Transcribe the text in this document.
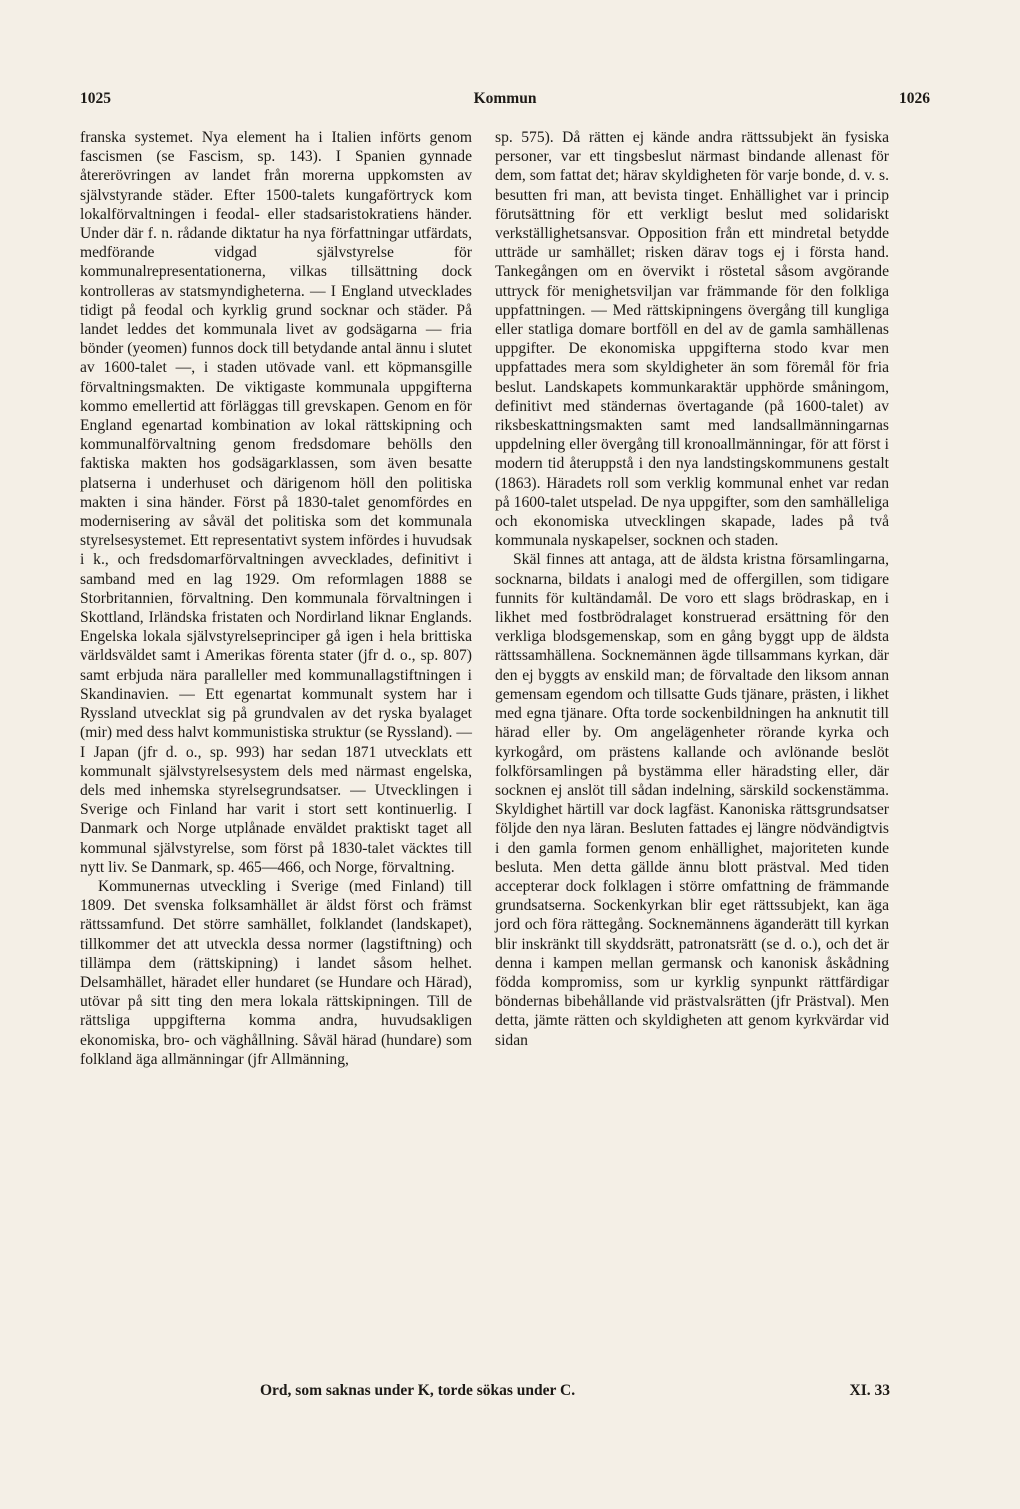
1025	Kommun	1026

franska systemet. Nya element ha i Italien införts genom fascismen (se Fascism, sp. 143). I Spanien gynnade återerövringen av landet från morerna uppkomsten av självstyrande städer. Efter 1500-talets kungaförtryck kom lokalförvaltningen i feodal- eller stadsaristokratiens händer. Under där f. n. rådande diktatur ha nya författningar utfärdats, medförande vidgad självstyrelse för kommunalrepresentationerna, vilkas tillsättning dock kontrolleras av statsmyndigheterna. — I England utvecklades tidigt på feodal och kyrklig grund socknar och städer. På landet leddes det kommunala livet av godsägarna — fria bönder (yeomen) funnos dock till betydande antal ännu i slutet av 1600-talet —, i staden utövade vanl. ett köpmansgille förvaltningsmakten. De viktigaste kommunala uppgifterna kommo emellertid att förläggas till grevskapen. Genom en för England egenartad kombination av lokal rättskipning och kommunalförvaltning genom fredsdomare behölls den faktiska makten hos godsägarklassen, som även besatte platserna i underhuset och därigenom höll den politiska makten i sina händer. Först på 1830-talet genomfördes en modernisering av såväl det politiska som det kommunala styrelsesystemet. Ett representativt system infördes i huvudsak i k., och fredsdomarförvaltningen avvecklades, definitivt i samband med en lag 1929. Om reformlagen 1888 se Storbritannien, förvaltning. Den kommunala förvaltningen i Skottland, Irländska fristaten och Nordirland liknar Englands. Engelska lokala självstyrelseprinciper gå igen i hela brittiska världsväldet samt i Amerikas förenta stater (jfr d. o., sp. 807) samt erbjuda nära paralleller med kommunallagstiftningen i Skandinavien. — Ett egenartat kommunalt system har i Ryssland utvecklat sig på grundvalen av det ryska byalaget (mir) med dess halvt kommunistiska struktur (se Ryssland). — I Japan (jfr d. o., sp. 993) har sedan 1871 utvecklats ett kommunalt självstyrelsesystem dels med närmast engelska, dels med inhemska styrelsegrundsatser. — Utvecklingen i Sverige och Finland har varit i stort sett kontinuerlig. I Danmark och Norge utplånade enväldet praktiskt taget all kommunal självstyrelse, som först på 1830-talet väcktes till nytt liv. Se Danmark, sp. 465—466, och Norge, förvaltning.

Kommunernas utveckling i Sverige (med Finland) till 1809. Det svenska folksamhället är äldst först och främst rättssamfund. Det större samhället, folklandet (landskapet), tillkommer det att utveckla dessa normer (lagstiftning) och tillämpa dem (rättskipning) i landet såsom helhet. Delsamhället, häradet eller hundaret (se Hundare och Härad), utövar på sitt ting den mera lokala rättskipningen. Till de rättsliga uppgifterna komma andra, huvudsakligen ekonomiska, bro- och väghållning. Såväl härad (hundare) som folkland äga allmänningar (jfr Allmänning,

sp. 575). Då rätten ej kände andra rättssubjekt än fysiska personer, var ett tingsbeslut närmast bindande allenast för dem, som fattat det; härav skyldigheten för varje bonde, d. v. s. besutten fri man, att bevista tinget. Enhällighet var i princip förutsättning för ett verkligt beslut med solidariskt verkställighetsansvar. Opposition från ett mindretal betydde utträde ur samhället; risken därav togs ej i första hand. Tankegången om en övervikt i röstetal såsom avgörande uttryck för menighetsviljan var främmande för den folkliga uppfattningen. — Med rättskipningens övergång till kungliga eller statliga domare bortföll en del av de gamla samhällenas uppgifter. De ekonomiska uppgifterna stodo kvar men uppfattades mera som skyldigheter än som föremål för fria beslut. Landskapets kommunkaraktär upphörde småningom, definitivt med ständernas övertagande (på 1600-talet) av riksbeskattningsmakten samt med landsallmänningarnas uppdelning eller övergång till kronoallmänningar, för att först i modern tid återuppstå i den nya landstingskommunens gestalt (1863). Häradets roll som verklig kommunal enhet var redan på 1600-talet utspelad. De nya uppgifter, som den samhälleliga och ekonomiska utvecklingen skapade, lades på två kommunala nyskapelser, socknen och staden.

Skäl finnes att antaga, att de äldsta kristna församlingarna, socknarna, bildats i analogi med de offergillen, som tidigare funnits för kultändamål. De voro ett slags brödraskap, en i likhet med fostbrödralaget konstruerad ersättning för den verkliga blodsgemenskap, som en gång byggt upp de äldsta rättssamhällena. Socknemännen ägde tillsammans kyrkan, där den ej byggts av enskild man; de förvaltade den liksom annan gemensam egendom och tillsatte Guds tjänare, prästen, i likhet med egna tjänare. Ofta torde sockenbildningen ha anknutit till härad eller by. Om angelägenheter rörande kyrka och kyrkogård, om prästens kallande och avlönande beslöt folkförsamlingen på bystämma eller häradsting eller, där socknen ej anslöt till sådan indelning, särskild sockenstämma. Skyldighet härtill var dock lagfäst. Kanoniska rättsgrundsatser följde den nya läran. Besluten fattades ej längre nödvändigtvis i den gamla formen genom enhällighet, majoriteten kunde besluta. Men detta gällde ännu blott prästval. Med tiden accepterar dock folklagen i större omfattning de främmande grundsatserna. Sockenkyrkan blir eget rättssubjekt, kan äga jord och föra rättegång. Socknemännens äganderätt till kyrkan blir inskränkt till skyddsrätt, patronatsrätt (se d. o.), och det är denna i kampen mellan germansk och kanonisk åskådning födda kompromiss, som ur kyrklig synpunkt rättfärdigar böndernas bibehållande vid prästvalsrätten (jfr Prästval). Men detta, jämte rätten och skyldigheten att genom kyrkvärdar vid sidan

Ord, som saknas under K, torde sökas under C.	XI. 33
